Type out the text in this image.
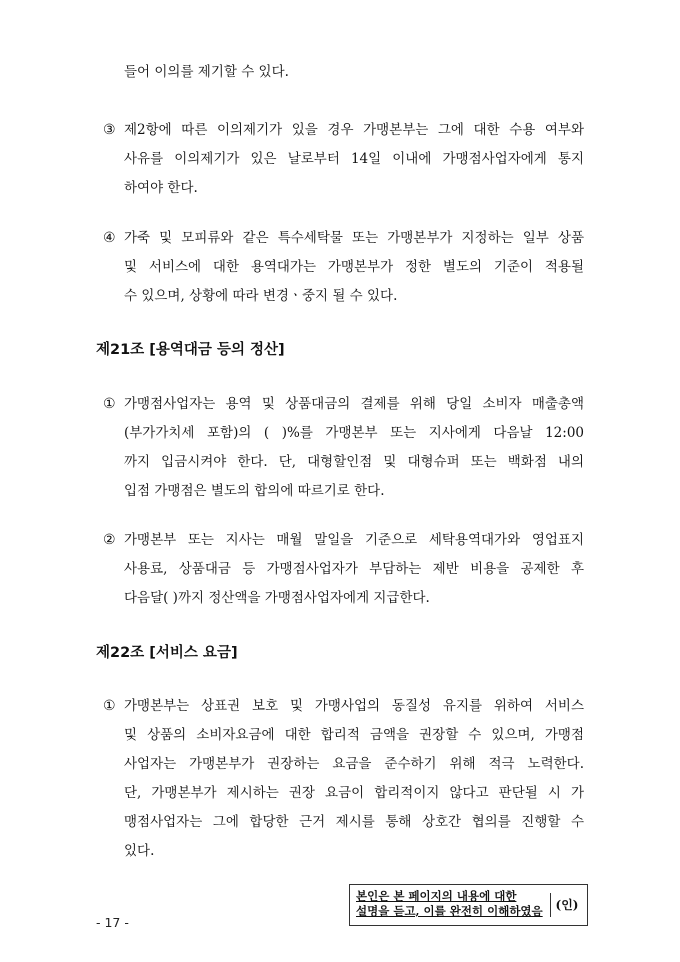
들어 이의를 제기할 수 있다.
③ 제2항에 따른 이의제기가 있을 경우 가맹본부는 그에 대한 수용 여부와
사유를 이의제기가 있은 날로부터 14일 이내에 가맹점사업자에게 통지
하여야 한다.
④ 가죽 및 모피류와 같은 특수세탁물 또는 가맹본부가 지정하는 일부 상품
및 서비스에 대한 용역대가는 가맹본부가 정한 별도의 기준이 적용될
수 있으며, 상황에 따라 변경ㆍ중지 될 수 있다.
제21조 [용역대금 등의 정산]
① 가맹점사업자는 용역 및 상품대금의 결제를 위해 당일 소비자 매출총액
(부가가치세 포함)의 ( )%를 가맹본부 또는 지사에게 다음날 12:00
까지 입금시켜야 한다. 단, 대형할인점 및 대형슈퍼 또는 백화점 내의
입점 가맹점은 별도의 합의에 따르기로 한다.
② 가맹본부 또는 지사는 매월 말일을 기준으로 세탁용역대가와 영업표지
사용료, 상품대금 등 가맹점사업자가 부담하는 제반 비용을 공제한 후
다음달( )까지 정산액을 가맹점사업자에게 지급한다.
제22조 [서비스 요금]
① 가맹본부는 상표권 보호 및 가맹사업의 동질성 유지를 위하여 서비스
및 상품의 소비자요금에 대한 합리적 금액을 권장할 수 있으며, 가맹점
사업자는 가맹본부가 권장하는 요금을 준수하기 위해 적극 노력한다.
단, 가맹본부가 제시하는 권장 요금이 합리적이지 않다고 판단될 시 가
맹점사업자는 그에 합당한 근거 제시를 통해 상호간 협의를 진행할 수
있다.
본인은 본 페이지의 내용에 대한
설명을 듣고, 이를 완전히 이해하였음	(인)
- 17 -
